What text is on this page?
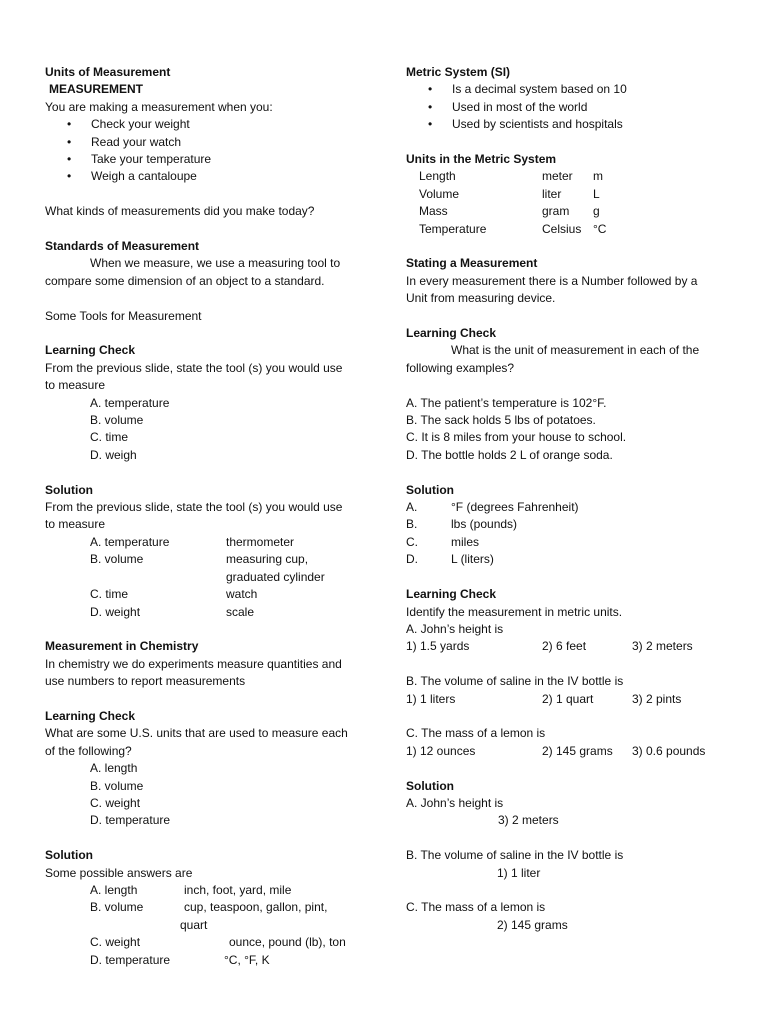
Units of Measurement
MEASUREMENT
You are making a measurement when you:
• Check your weight
• Read your watch
• Take your temperature
• Weigh a cantaloupe
What kinds of measurements did you make today?
Standards of Measurement
When we measure, we use a measuring tool to
compare some dimension of an object to a standard.
Some Tools for Measurement
Learning Check
From the previous slide, state the tool (s) you would use
to measure
A. temperature
B. volume
C. time
D. weigh
Solution
From the previous slide, state the tool (s) you would use
to measure
A. temperature	thermometer
B. volume	measuring cup,
graduated cylinder
C. time	watch
D. weight	scale
Measurement in Chemistry
In chemistry we do experiments measure quantities and
use numbers to report measurements
Learning Check
What are some U.S. units that are used to measure each
of the following?
A. length
B. volume
C. weight
D. temperature
Solution
Some possible answers are
A. length	inch, foot, yard, mile
B. volume	cup, teaspoon, gallon, pint,
quart
C. weight	ounce, pound (lb), ton
D. temperature	°C, °F, K
Metric System (SI)
• Is a decimal system based on 10
• Used in most of the world
• Used by scientists and hospitals
Units in the Metric System
Length	meter	m
Volume	liter	L
Mass	gram	g
Temperature	Celsius °C
Stating a Measurement
In every measurement there is a Number followed by a
Unit from measuring device.
Learning Check
What is the unit of measurement in each of the
following examples?
A. The patient’s temperature is 102°F.
B. The sack holds 5 lbs of potatoes.
C. It is 8 miles from your house to school.
D. The bottle holds 2 L of orange soda.
Solution
A.	°F (degrees Fahrenheit)
B.	lbs (pounds)
C.	miles
D.	L (liters)
Learning Check
Identify the measurement in metric units.
A. John’s height is
1) 1.5 yards	2) 6 feet	3) 2 meters
B. The volume of saline in the IV bottle is
1) 1 liters	2) 1 quart	3) 2 pints
C. The mass of a lemon is
1) 12 ounces	2) 145 grams	3) 0.6 pounds
Solution
A. John’s height is
3) 2 meters
B. The volume of saline in the IV bottle is
1) 1 liter
C. The mass of a lemon is
2) 145 grams
